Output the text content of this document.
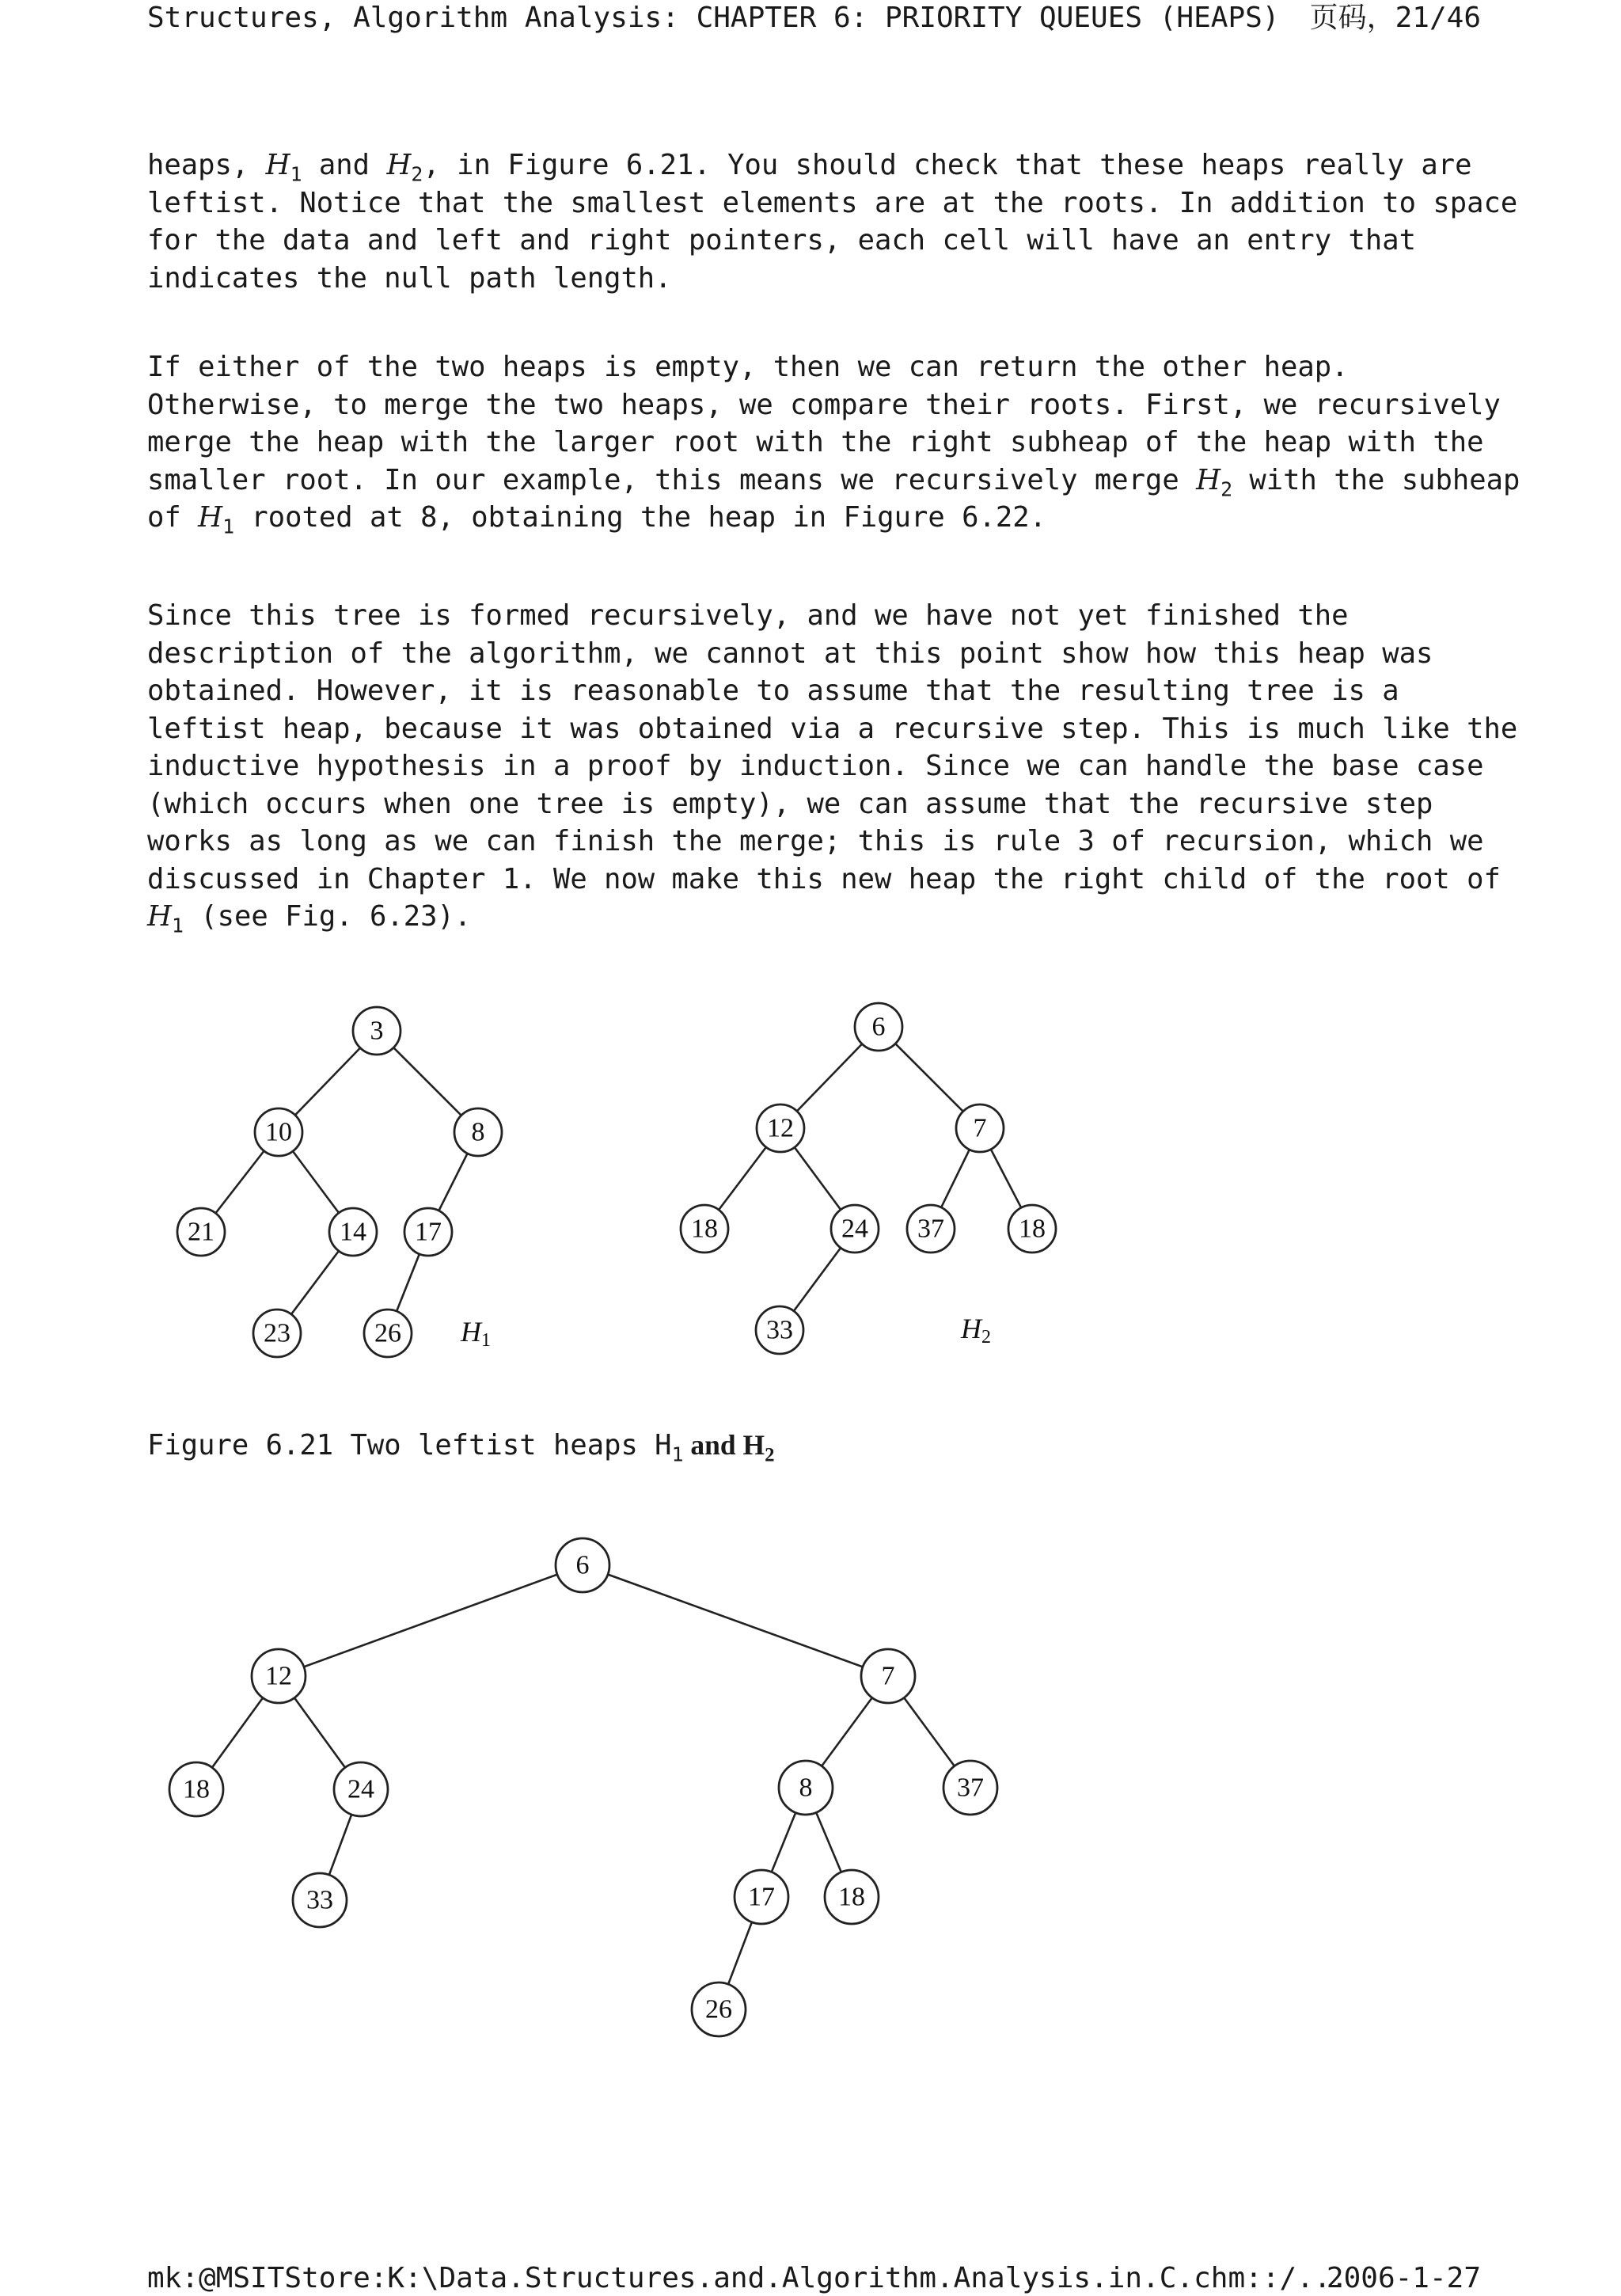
Structures, Algorithm Analysis: CHAPTER 6: PRIORITY QUEUES (HEAPS) 页码，21/46
heaps, $H_1$ and $H_2$, in Figure 6.21. You should check that these heaps really are
leftist. Notice that the smallest elements are at the roots. In addition to space
for the data and left and right pointers, each cell will have an entry that
indicates the null path length.
If either of the two heaps is empty, then we can return the other heap.
Otherwise, to merge the two heaps, we compare their roots. First, we recursively
merge the heap with the larger root with the right subheap of the heap with the
smaller root. In our example, this means we recursively merge $H_2$ with the subheap
of $H_1$ rooted at 8, obtaining the heap in Figure 6.22.
Since this tree is formed recursively, and we have not yet finished the
description of the algorithm, we cannot at this point show how this heap was
obtained. However, it is reasonable to assume that the resulting tree is a
leftist heap, because it was obtained via a recursive step. This is much like the
inductive hypothesis in a proof by induction. Since we can handle the base case
(which occurs when one tree is empty), we can assume that the recursive step
works as long as we can finish the merge; this is rule 3 of recursion, which we
discussed in Chapter 1. We now make this new heap the right child of the root of
$H_1$ (see Fig. 6.23).
3
10	8
21	14 17
23	26 H1
6
12	7
18	24 37	18
33	H2
6
12	7
18	24	8	37
33	17 18
26
Figure 6.21 Two leftist heaps $H_1$ and $H_2$
mk:@MSITStore:K:\Data.Structures.and.Algorithm.Analysis.in.C.chm::/...
2006-1-27
